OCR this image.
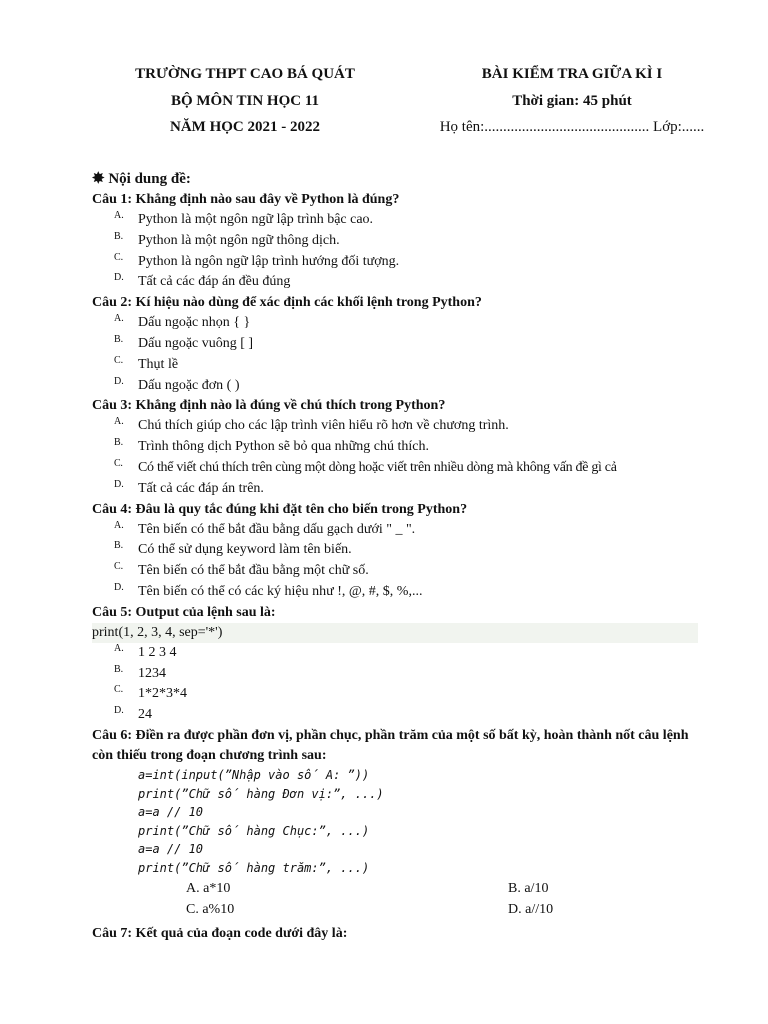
TRƯỜNG THPT CAO BÁ QUÁT	BÀI KIỂM TRA GIỮA KÌ I
BỘ MÔN TIN HỌC 11	Thời gian: 45 phút
NĂM HỌC 2021 - 2022	Họ tên:............................................ Lớp:......
✸ Nội dung đề:
Câu 1: Khẳng định nào sau đây về Python là đúng?
A. Python là một ngôn ngữ lập trình bậc cao.
B. Python là một ngôn ngữ thông dịch.
C. Python là ngôn ngữ lập trình hướng đối tượng.
D. Tất cả các đáp án đều đúng
Câu 2: Kí hiệu nào dùng để xác định các khối lệnh trong Python?
A. Dấu ngoặc nhọn { }
B. Dấu ngoặc vuông [ ]
C. Thụt lề
D. Dấu ngoặc đơn ( )
Câu 3: Khẳng định nào là đúng về chú thích trong Python?
A. Chú thích giúp cho các lập trình viên hiểu rõ hơn về chương trình.
B. Trình thông dịch Python sẽ bỏ qua những chú thích.
C. Có thể viết chú thích trên cùng một dòng hoặc viết trên nhiều dòng mà không vấn đề gì cả
D. Tất cả các đáp án trên.
Câu 4: Đâu là quy tắc đúng khi đặt tên cho biến trong Python?
A. Tên biến có thể bắt đầu bằng dấu gạch dưới " _ ".
B. Có thể sử dụng keyword làm tên biến.
C. Tên biến có thể bắt đầu bằng một chữ số.
D. Tên biến có thể có các ký hiệu như !, @, #, $, %,...
Câu 5: Output của lệnh sau là:
print(1, 2, 3, 4, sep='*')
A. 1 2 3 4
B. 1234
C. 1*2*3*4
D. 24
Câu 6: Điền ra được phần đơn vị, phần chục, phần trăm của một số bất kỳ, hoàn thành nốt câu lệnh còn thiếu trong đoạn chương trình sau:
a=int(input(”Nhập vào số A: ”))
print(”Chữ số hàng Đơn vị:”, ...)
a=a // 10
print(”Chữ số hàng Chục:”, ...)
a=a // 10
print(”Chữ số hàng trăm:”, ...)
A. a*10	B. a/10
C. a%10	D. a//10
Câu 7: Kết quả của đoạn code dưới đây là:
